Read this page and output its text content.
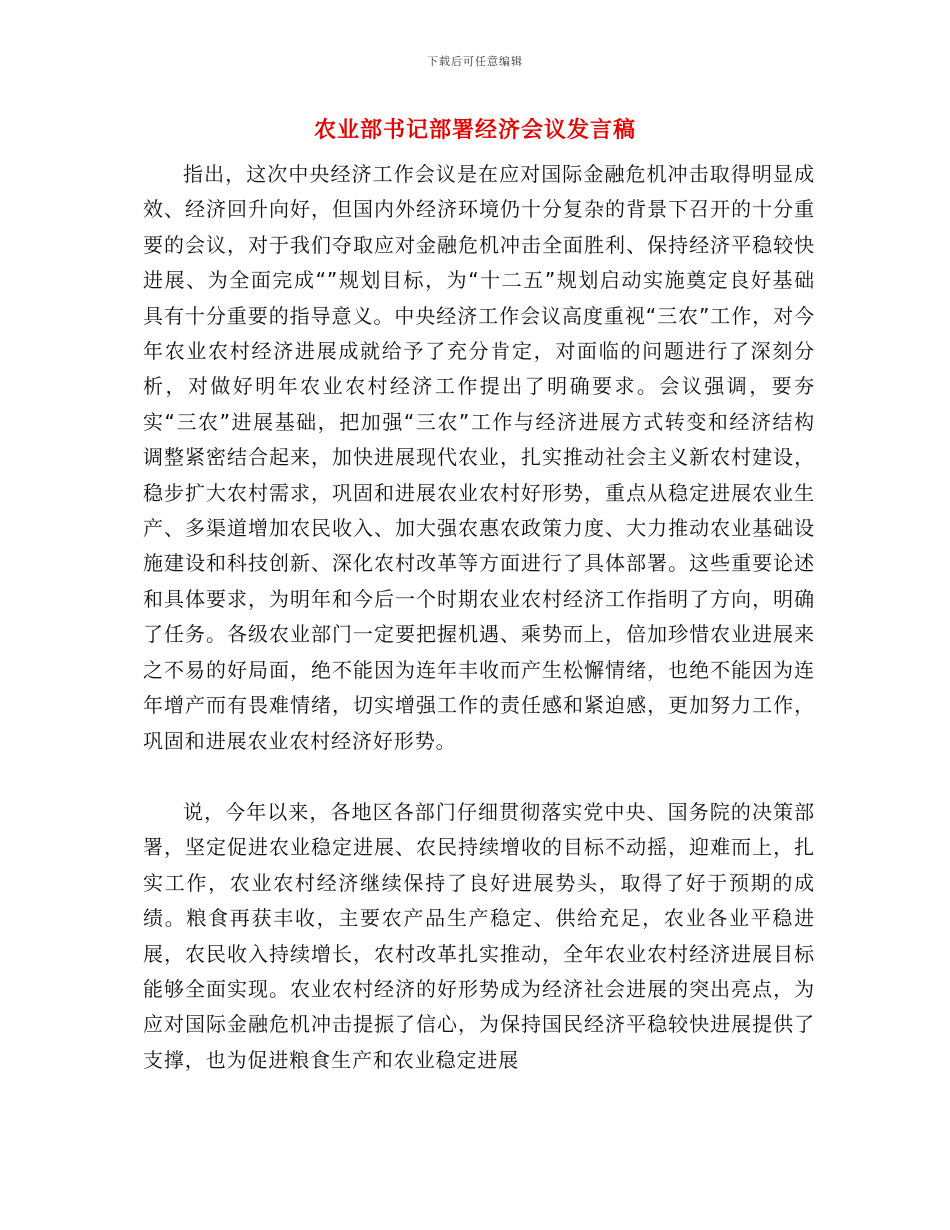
下载后可任意编辑
农业部书记部署经济会议发言稿

指出，这次中央经济工作会议是在应对国际金融危机冲击取得明显成效、经济回升向好，但国内外经济环境仍十分复杂的背景下召开的十分重要的会议，对于我们夺取应对金融危机冲击全面胜利、保持经济平稳较快进展、为全面完成“”规划目标，为“十二五”规划启动实施奠定良好基础具有十分重要的指导意义。中央经济工作会议高度重视“三农”工作，对今年农业农村经济进展成就给予了充分肯定，对面临的问题进行了深刻分析，对做好明年农业农村经济工作提出了明确要求。会议强调，要夯实“三农”进展基础，把加强“三农”工作与经济进展方式转变和经济结构调整紧密结合起来，加快进展现代农业，扎实推动社会主义新农村建设，稳步扩大农村需求，巩固和进展农业农村好形势，重点从稳定进展农业生产、多渠道增加农民收入、加大强农惠农政策力度、大力推动农业基础设施建设和科技创新、深化农村改革等方面进行了具体部署。这些重要论述和具体要求，为明年和今后一个时期农业农村经济工作指明了方向，明确了任务。各级农业部门一定要把握机遇、乘势而上，倍加珍惜农业进展来之不易的好局面，绝不能因为连年丰收而产生松懈情绪，也绝不能因为连年增产而有畏难情绪，切实增强工作的责任感和紧迫感，更加努力工作，巩固和进展农业农村经济好形势。

说，今年以来，各地区各部门仔细贯彻落实党中央、国务院的决策部署，坚定促进农业稳定进展、农民持续增收的目标不动摇，迎难而上，扎实工作，农业农村经济继续保持了良好进展势头，取得了好于预期的成绩。粮食再获丰收，主要农产品生产稳定、供给充足，农业各业平稳进展，农民收入持续增长，农村改革扎实推动，全年农业农村经济进展目标能够全面实现。农业农村经济的好形势成为经济社会进展的突出亮点，为应对国际金融危机冲击提振了信心，为保持国民经济平稳较快进展提供了支撑，也为促进粮食生产和农业稳定进展
